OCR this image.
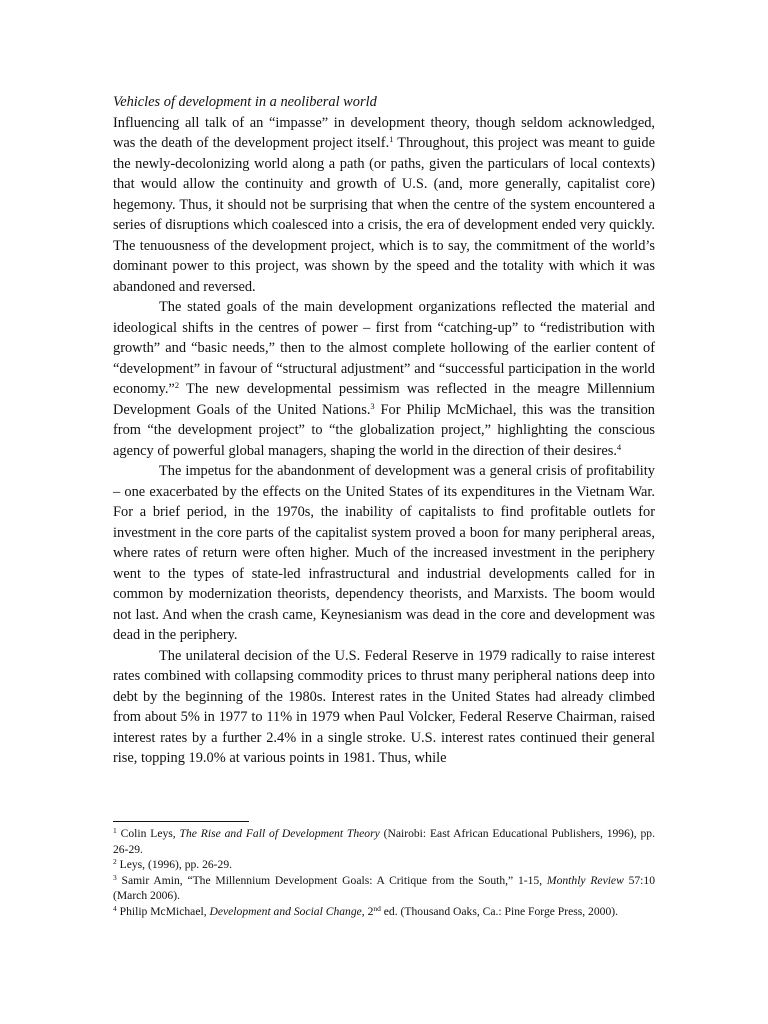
Vehicles of development in a neoliberal world

Influencing all talk of an “impasse” in development theory, though seldom acknowledged, was the death of the development project itself.$^1$ Throughout, this project was meant to guide the newly-decolonizing world along a path (or paths, given the particulars of local contexts) that would allow the continuity and growth of U.S. (and, more generally, capitalist core) hegemony. Thus, it should not be surprising that when the centre of the system encountered a series of disruptions which coalesced into a crisis, the era of development ended very quickly. The tenuousness of the development project, which is to say, the commitment of the world’s dominant power to this project, was shown by the speed and the totality with which it was abandoned and reversed.

The stated goals of the main development organizations reflected the material and ideological shifts in the centres of power – first from “catching-up” to “redistribution with growth” and “basic needs,” then to the almost complete hollowing of the earlier content of “development” in favour of “structural adjustment” and “successful participation in the world economy.”$^2$ The new developmental pessimism was reflected in the meagre Millennium Development Goals of the United Nations.$^3$ For Philip McMichael, this was the transition from “the development project” to “the globalization project,” highlighting the conscious agency of powerful global managers, shaping the world in the direction of their desires.$^4$

The impetus for the abandonment of development was a general crisis of profitability – one exacerbated by the effects on the United States of its expenditures in the Vietnam War. For a brief period, in the 1970s, the inability of capitalists to find profitable outlets for investment in the core parts of the capitalist system proved a boon for many peripheral areas, where rates of return were often higher. Much of the increased investment in the periphery went to the types of state-led infrastructural and industrial developments called for in common by modernization theorists, dependency theorists, and Marxists. The boom would not last. And when the crash came, Keynesianism was dead in the core and development was dead in the periphery.

The unilateral decision of the U.S. Federal Reserve in 1979 radically to raise interest rates combined with collapsing commodity prices to thrust many peripheral nations deep into debt by the beginning of the 1980s. Interest rates in the United States had already climbed from about 5% in 1977 to 11% in 1979 when Paul Volcker, Federal Reserve Chairman, raised interest rates by a further 2.4% in a single stroke. U.S. interest rates continued their general rise, topping 19.0% at various points in 1981. Thus, while

$^1$ Colin Leys, The Rise and Fall of Development Theory (Nairobi: East African Educational Publishers, 1996), pp. 26-29.

$^2$ Leys, (1996), pp. 26-29.

$^3$ Samir Amin, “The Millennium Development Goals: A Critique from the South,” 1-15, Monthly Review 57:10 (March 2006).

$^4$ Philip McMichael, Development and Social Change, 2nd ed. (Thousand Oaks, Ca.: Pine Forge Press, 2000).
